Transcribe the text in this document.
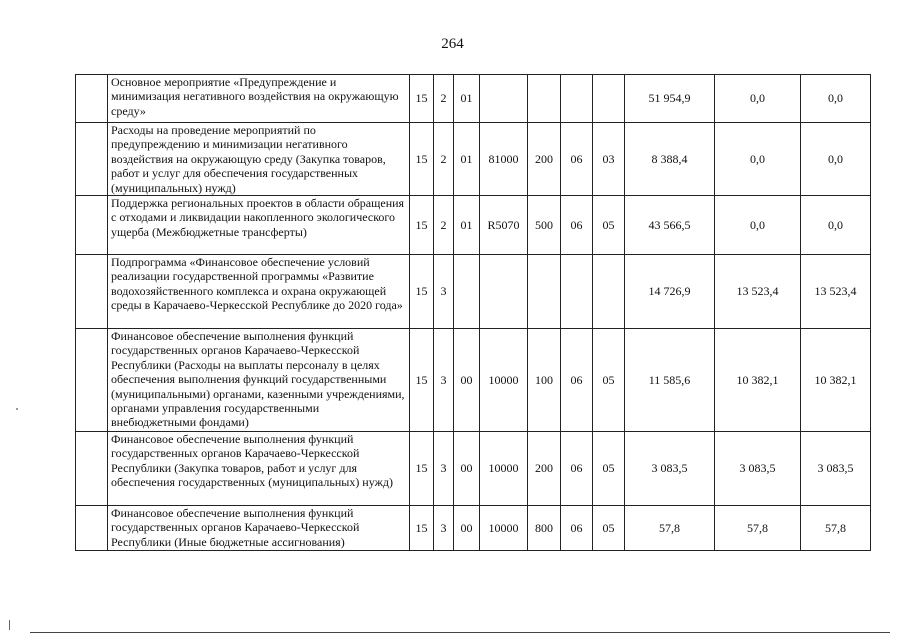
264
	Основное мероприятие «Предупреждение и минимизация негативного воздействия на окружающую среду»	15	2	01					51 954,9	0,0	0,0
	Расходы на проведение мероприятий по предупреждению и минимизации негативного воздействия на окружающую среду (Закупка товаров, работ и услуг для обеспечения государственных (муниципальных) нужд)	15	2	01	81000	200	06	03	8 388,4	0,0	0,0
	Поддержка региональных проектов в области обращения с отходами и ликвидации накопленного экологического ущерба (Межбюджетные трансферты)	15	2	01	R5070	500	06	05	43 566,5	0,0	0,0
	Подпрограмма «Финансовое обеспечение условий реализации государственной программы «Развитие водохозяйственного комплекса и охрана окружающей среды в Карачаево-Черкесской Республике до 2020 года»	15	3						14 726,9	13 523,4	13 523,4
	Финансовое обеспечение выполнения функций государственных органов Карачаево-Черкесской Республики (Расходы на выплаты персоналу в целях обеспечения выполнения функций государственными (муниципальными) органами, казенными учреждениями, органами управления государственными внебюджетными фондами)	15	3	00	10000	100	06	05	11 585,6	10 382,1	10 382,1
	Финансовое обеспечение выполнения функций государственных органов Карачаево-Черкесской Республики (Закупка товаров, работ и услуг для обеспечения государственных (муниципальных) нужд)	15	3	00	10000	200	06	05	3 083,5	3 083,5	3 083,5
	Финансовое обеспечение выполнения функций государственных органов Карачаево-Черкесской Республики (Иные бюджетные ассигнования)	15	3	00	10000	800	06	05	57,8	57,8	57,8
